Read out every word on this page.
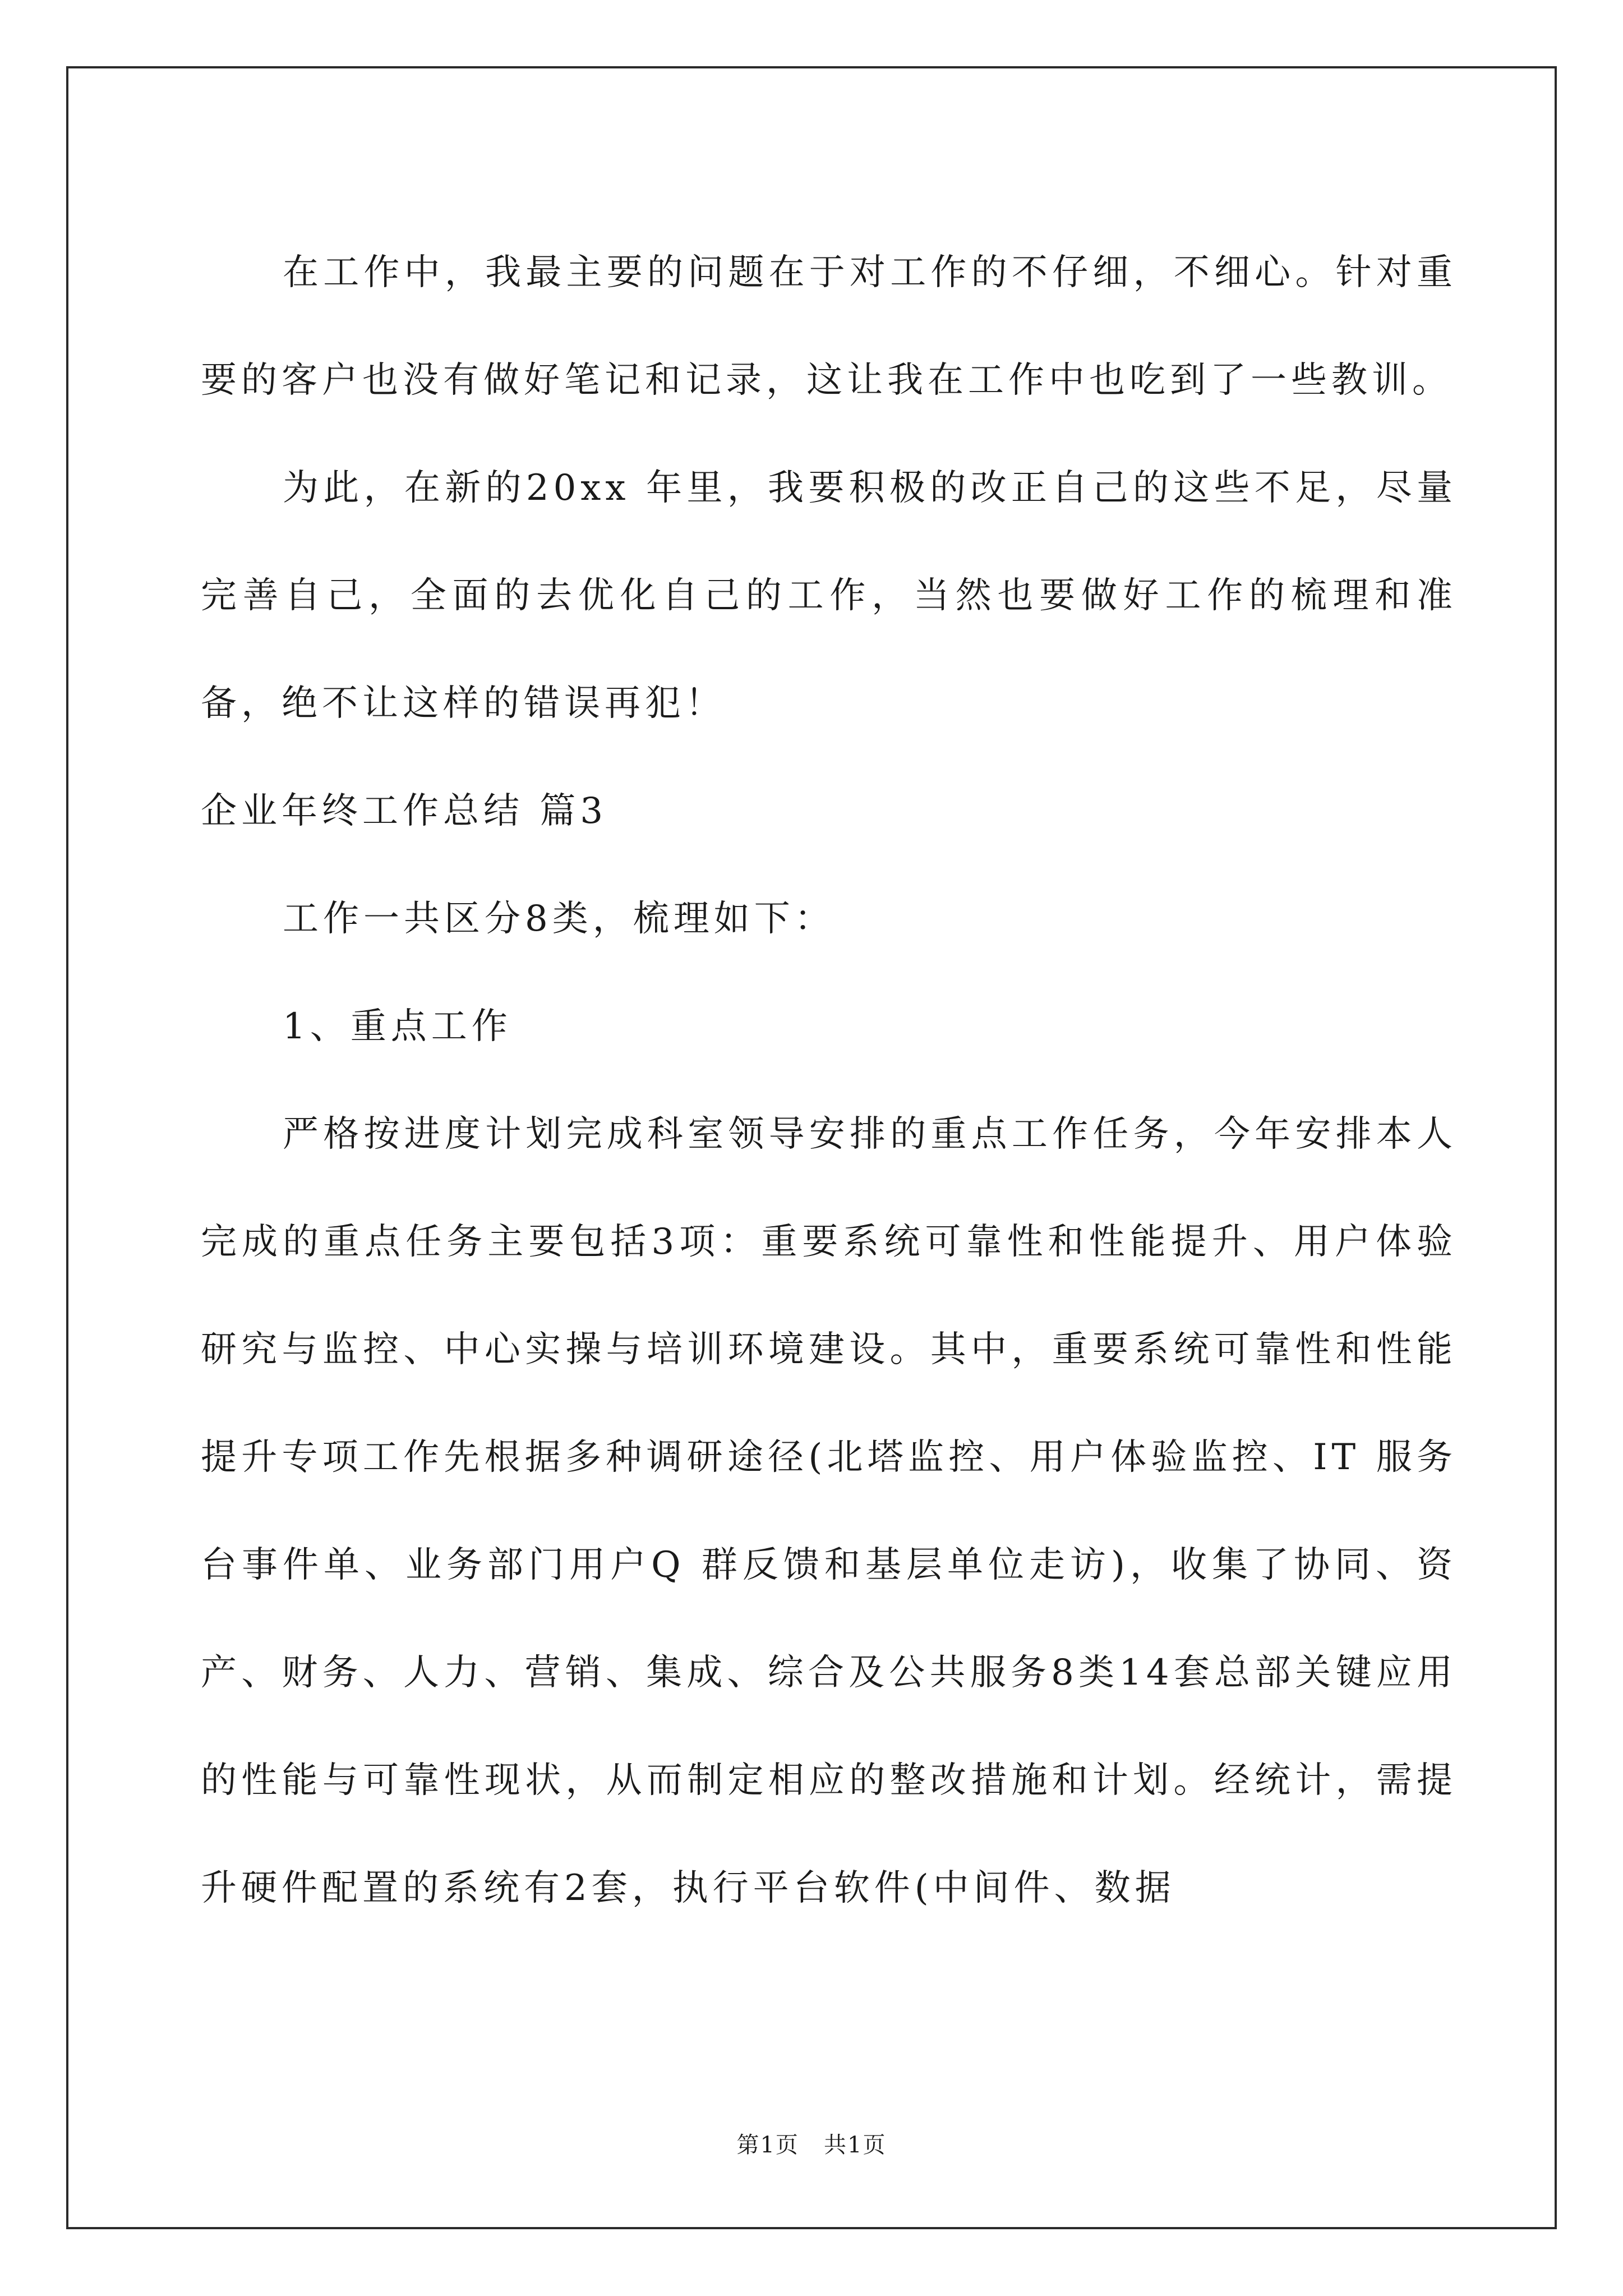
在工作中，我最主要的问题在于对工作的不仔细，不细心。针对重要的客户也没有做好笔记和记录，这让我在工作中也吃到了一些教训。

为此，在新的20xx 年里，我要积极的改正自己的这些不足，尽量完善自己，全面的去优化自己的工作，当然也要做好工作的梳理和准备，绝不让这样的错误再犯！

企业年终工作总结 篇3

工作一共区分8类，梳理如下：

1、重点工作

严格按进度计划完成科室领导安排的重点工作任务，今年安排本人完成的重点任务主要包括3项：重要系统可靠性和性能提升、用户体验研究与监控、中心实操与培训环境建设。其中，重要系统可靠性和性能提升专项工作先根据多种调研途径(北塔监控、用户体验监控、IT 服务台事件单、业务部门用户Q 群反馈和基层单位走访)，收集了协同、资产、财务、人力、营销、集成、综合及公共服务8类14套总部关键应用的性能与可靠性现状，从而制定相应的整改措施和计划。经统计，需提升硬件配置的系统有2套，执行平台软件(中间件、数据

第1页   共1页
